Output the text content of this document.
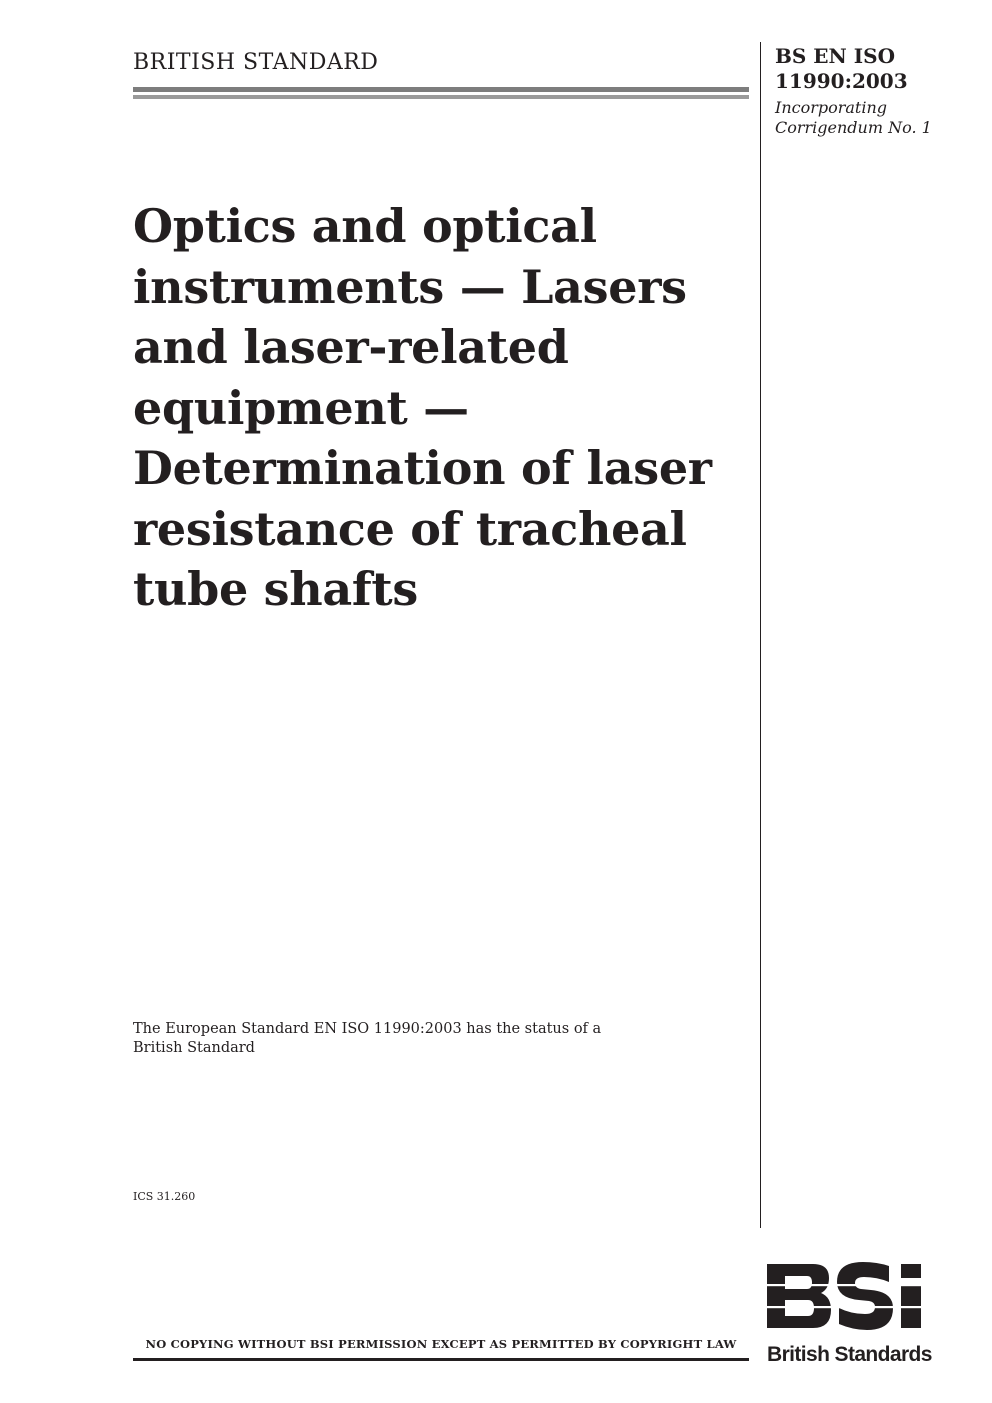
BRITISH STANDARD	BS EN ISO
11990:2003

Incorporating
Corrigendum No. 1

Optics and optical
instruments — Lasers
and laser-related
equipment —
Determination of laser
resistance of tracheal
tube shafts

The European Standard EN ISO 11990:2003 has the status of a
British Standard

ICS 31.260

NO COPYING WITHOUT BSI PERMISSION EXCEPT AS PERMITTED BY COPYRIGHT LAW	British Standards
